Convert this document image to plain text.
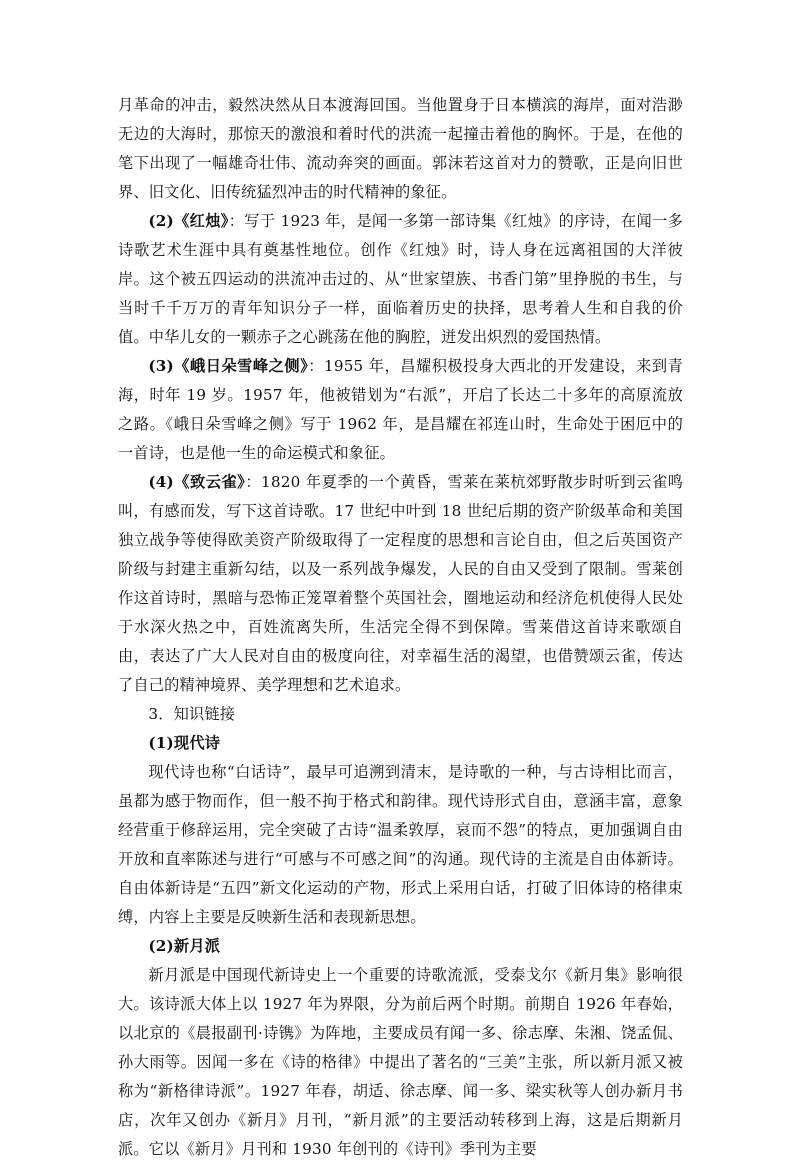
月革命的冲击，毅然决然从日本渡海回国。当他置身于日本横滨的海岸，面对浩渺无边的大海时，那惊天的激浪和着时代的洪流一起撞击着他的胸怀。于是，在他的笔下出现了一幅雄奇壮伟、流动奔突的画面。郭沫若这首对力的赞歌，正是向旧世界、旧文化、旧传统猛烈冲击的时代精神的象征。

(2)《红烛》：写于 1923 年，是闻一多第一部诗集《红烛》的序诗，在闻一多诗歌艺术生涯中具有奠基性地位。创作《红烛》时，诗人身在远离祖国的大洋彼岸。这个被五四运动的洪流冲击过的、从“世家望族、书香门第”里挣脱的书生，与当时千千万万的青年知识分子一样，面临着历史的抉择，思考着人生和自我的价值。中华儿女的一颗赤子之心跳荡在他的胸腔，迸发出炽烈的爱国热情。

(3)《峨日朵雪峰之侧》：1955 年，昌耀积极投身大西北的开发建设，来到青海，时年 19 岁。1957 年，他被错划为“右派”，开启了长达二十多年的高原流放之路。《峨日朵雪峰之侧》写于 1962 年，是昌耀在祁连山时，生命处于困厄中的一首诗，也是他一生的命运模式和象征。

(4)《致云雀》：1820 年夏季的一个黄昏，雪莱在莱杭郊野散步时听到云雀鸣叫，有感而发，写下这首诗歌。17 世纪中叶到 18 世纪后期的资产阶级革命和美国独立战争等使得欧美资产阶级取得了一定程度的思想和言论自由，但之后英国资产阶级与封建主重新勾结，以及一系列战争爆发，人民的自由又受到了限制。雪莱创作这首诗时，黑暗与恐怖正笼罩着整个英国社会，圈地运动和经济危机使得人民处于水深火热之中，百姓流离失所，生活完全得不到保障。雪莱借这首诗来歌颂自由，表达了广大人民对自由的极度向往，对幸福生活的渴望，也借赞颂云雀，传达了自己的精神境界、美学理想和艺术追求。

3．知识链接

(1)现代诗

现代诗也称“白话诗”，最早可追溯到清末，是诗歌的一种，与古诗相比而言，虽都为感于物而作，但一般不拘于格式和韵律。现代诗形式自由，意涵丰富，意象经营重于修辞运用，完全突破了古诗“温柔敦厚，哀而不怨”的特点，更加强调自由开放和直率陈述与进行“可感与不可感之间”的沟通。现代诗的主流是自由体新诗。自由体新诗是“五四”新文化运动的产物，形式上采用白话，打破了旧体诗的格律束缚，内容上主要是反映新生活和表现新思想。

(2)新月派

新月派是中国现代新诗史上一个重要的诗歌流派，受泰戈尔《新月集》影响很大。该诗派大体上以 1927 年为界限，分为前后两个时期。前期自 1926 年春始，以北京的《晨报副刊·诗镌》为阵地，主要成员有闻一多、徐志摩、朱湘、饶孟侃、孙大雨等。因闻一多在《诗的格律》中提出了著名的“三美”主张，所以新月派又被称为“新格律诗派”。1927 年春，胡适、徐志摩、闻一多、梁实秋等人创办新月书店，次年又创办《新月》月刊，“新月派”的主要活动转移到上海，这是后期新月派。它以《新月》月刊和 1930 年创刊的《诗刊》季刊为主要
